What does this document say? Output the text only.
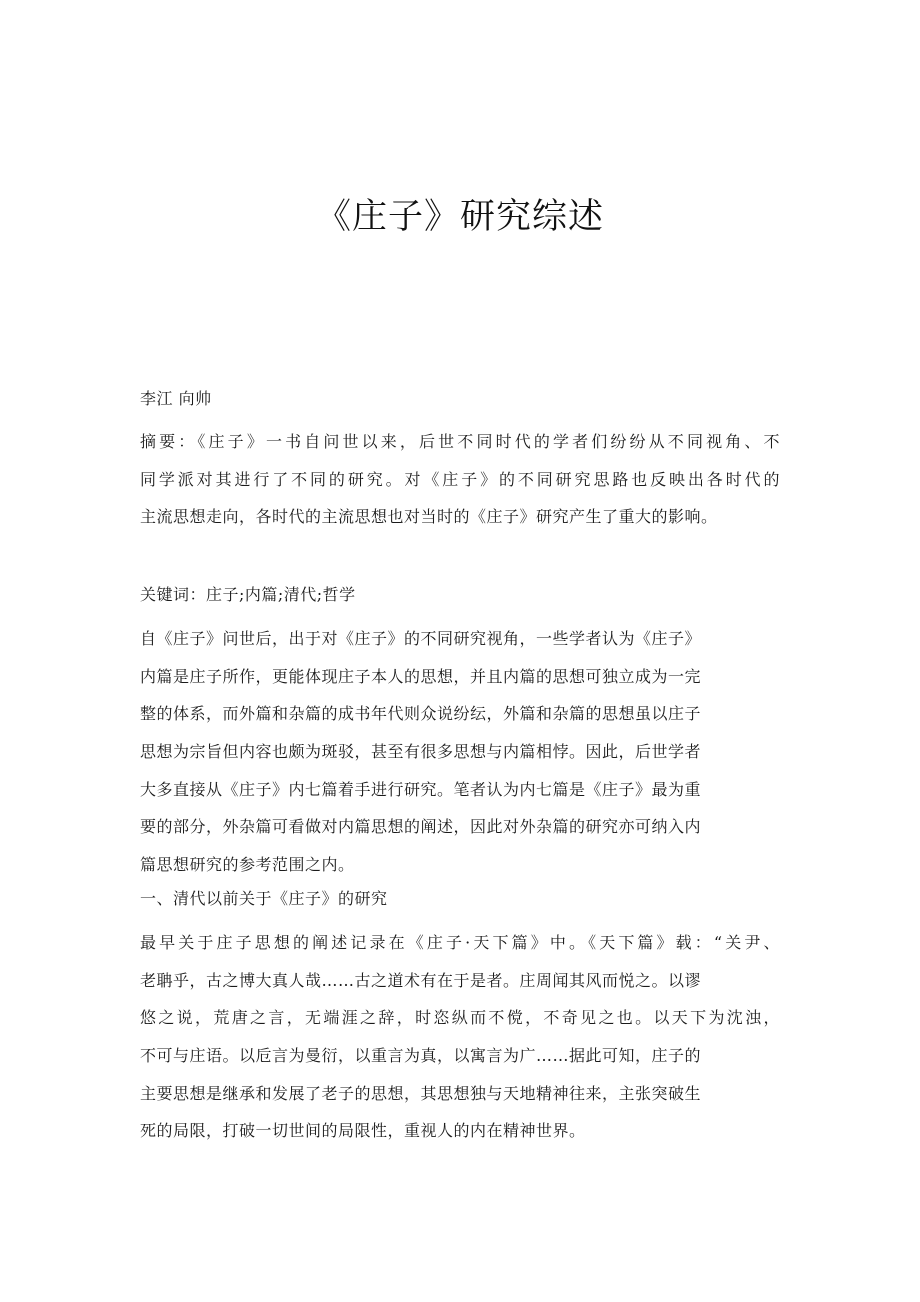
《庄子》研究综述
李江 向帅
摘要：《庄子》一书自问世以来，后世不同时代的学者们纷纷从不同视角、不
同学派对其进行了不同的研究。对《庄子》的不同研究思路也反映出各时代的
主流思想走向，各时代的主流思想也对当时的《庄子》研究产生了重大的影响。
关键词：庄子;内篇;清代;哲学
自《庄子》问世后，出于对《庄子》的不同研究视角，一些学者认为《庄子》
内篇是庄子所作，更能体现庄子本人的思想，并且内篇的思想可独立成为一完
整的体系，而外篇和杂篇的成书年代则众说纷纭，外篇和杂篇的思想虽以庄子
思想为宗旨但内容也颇为斑驳，甚至有很多思想与内篇相悖。因此，后世学者
大多直接从《庄子》内七篇着手进行研究。笔者认为内七篇是《庄子》最为重
要的部分，外杂篇可看做对内篇思想的阐述，因此对外杂篇的研究亦可纳入内
篇思想研究的参考范围之内。
一、清代以前关于《庄子》的研究
最早关于庄子思想的阐述记录在《庄子·天下篇》中。《天下篇》载：“关尹、
老聃乎，古之博大真人哉……古之道术有在于是者。庄周闻其风而悦之。以谬
悠之说，荒唐之言，无端涯之辞，时恣纵而不傥，不奇见之也。以天下为沈浊，
不可与庄语。以卮言为曼衍，以重言为真，以寓言为广……据此可知，庄子的
主要思想是继承和发展了老子的思想，其思想独与天地精神往来，主张突破生
死的局限，打破一切世间的局限性，重视人的内在精神世界。
